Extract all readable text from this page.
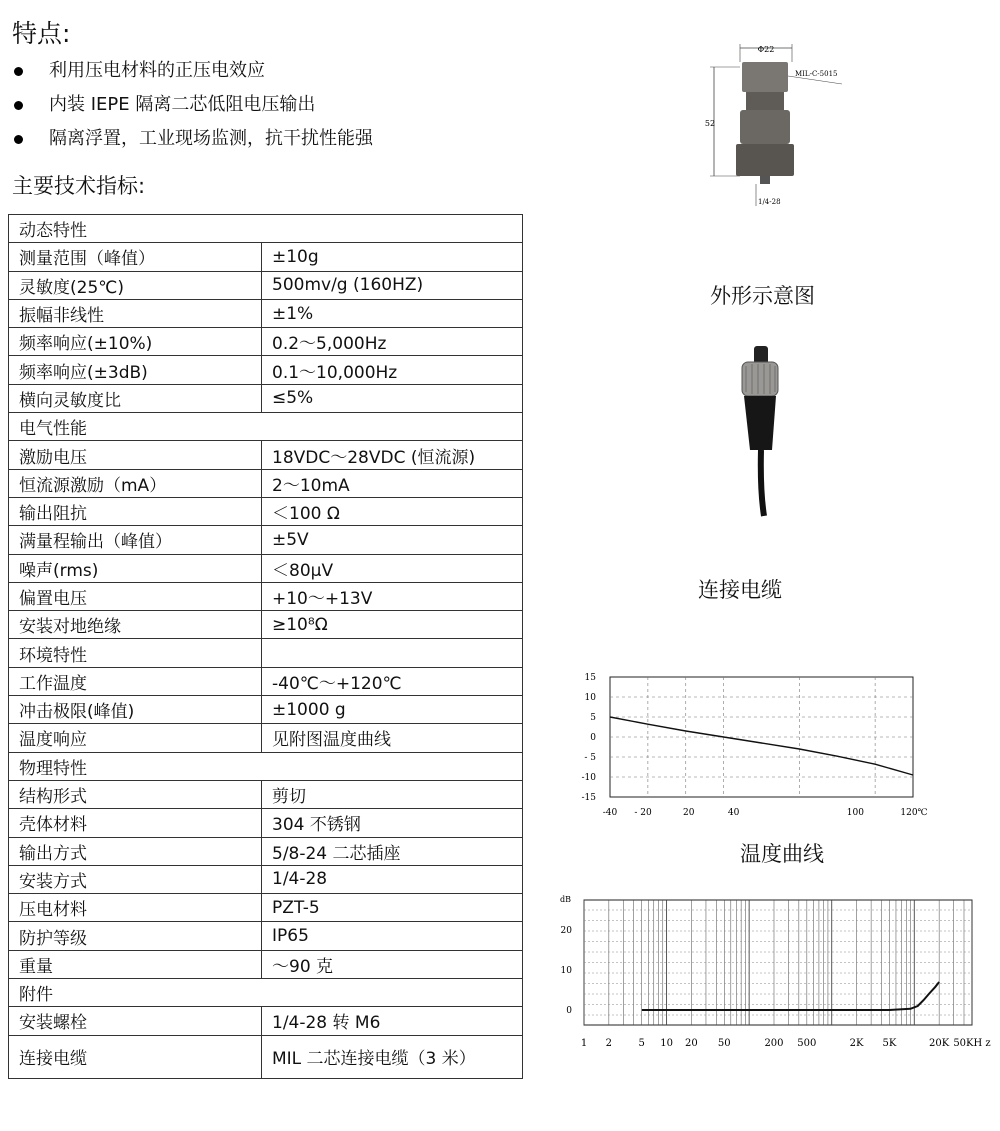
特点:
利用压电材料的正压电效应
内装 IEPE 隔离二芯低阻电压输出
隔离浮置，工业现场监测，抗干扰性能强
主要技术指标:
动态特性	
测量范围（峰值）	±10g
灵敏度(25℃)	500mv/g (160HZ)
振幅非线性	±1%
频率响应(±10%)	0.2～5,000Hz
频率响应(±3dB)	0.1～10,000Hz
横向灵敏度比	≤5%
电气性能	
激励电压	18VDC～28VDC (恒流源)
恒流源激励（mA）	2～10mA
输出阻抗	＜100 Ω
满量程输出（峰值）	±5V
噪声(rms)	＜80μV
偏置电压	+10～+13V
安装对地绝缘	≥10⁸Ω
环境特性	
工作温度	-40℃～+120℃
冲击极限(峰值)	±1000 g
温度响应	见附图温度曲线
物理特性	
结构形式	剪切
壳体材料	304 不锈钢
输出方式	5/8-24 二芯插座
安装方式	1/4-28
压电材料	PZT-5
防护等级	IP65
重量	～90 克
附件	
安装螺栓	1/4-28 转 M6
连接电缆	MIL 二芯连接电缆（3 米）
Φ22
52
MIL-C-5015
1/4-28
外形示意图
连接电缆
15
10
5
0
- 5
-10
-15
-40 - 20	20	40	100	120℃
温度曲线
20
10
0
dB
1 2	5 10 20 50	200 500	2K 5K	20K 50KH z
